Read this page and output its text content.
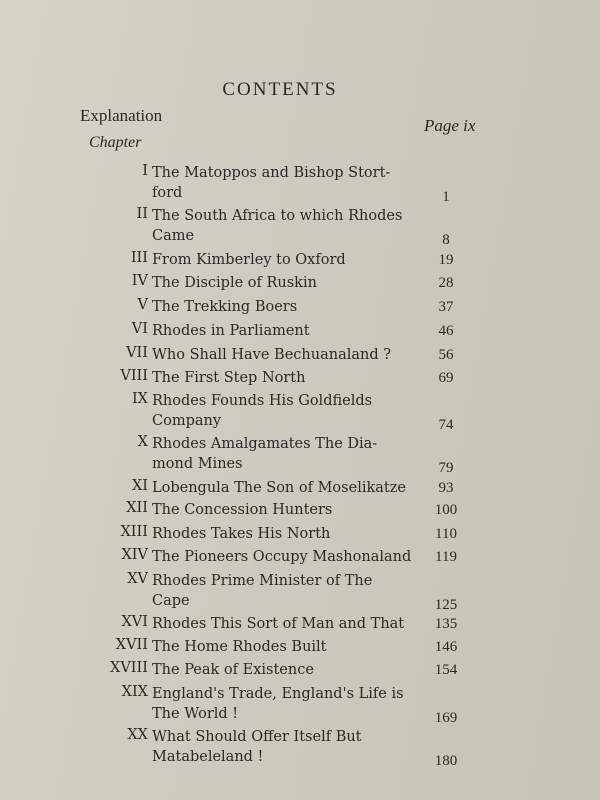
CONTENTS
Explanation
Page ix
Chapter
I The Matoppos and Bishop Stort-
ford	1
II The South Africa to which Rhodes
Came	8
III From Kimberley to Oxford	19
IV The Disciple of Ruskin	28
V The Trekking Boers	37
VI Rhodes in Parliament	46
VII Who Shall Have Bechuanaland ?	56
VIII The First Step North	69
IX Rhodes Founds His Goldfields
Company	74
X Rhodes Amalgamates The Dia-
mond Mines	79
XI Lobengula The Son of Moselikatze	93
XII The Concession Hunters	100
XIII Rhodes Takes His North	110
XIV The Pioneers Occupy Mashonaland	119
XV Rhodes Prime Minister of The
Cape	125
XVI Rhodes This Sort of Man and That	135
XVII The Home Rhodes Built	146
XVIII The Peak of Existence	154
XIX England's Trade, England's Life is
The World !	169
XX What Should Offer Itself But
Matabeleland !	180
